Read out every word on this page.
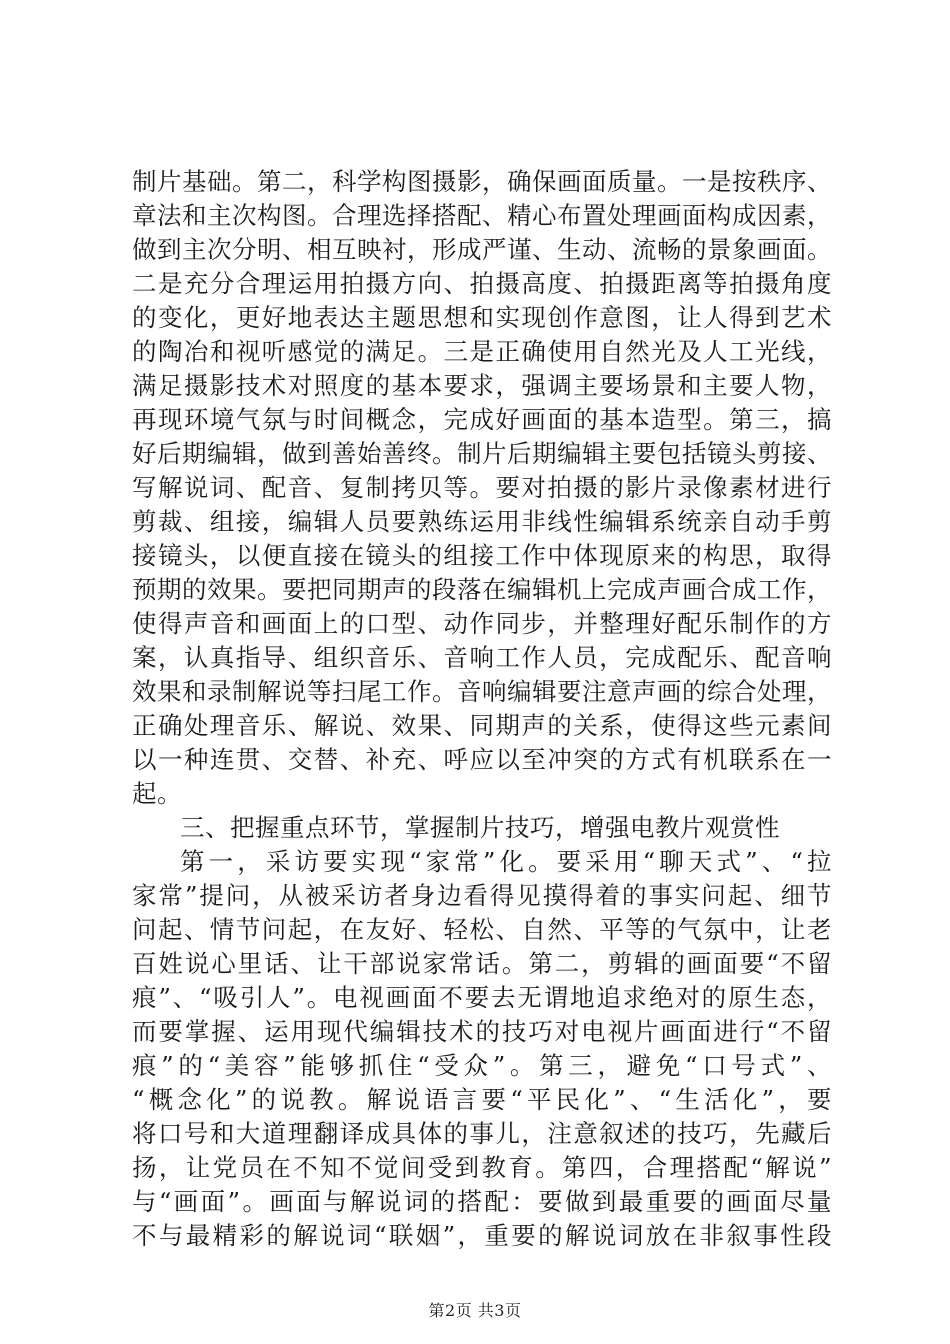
制片基础。第二，科学构图摄影，确保画面质量。一是按秩序、
章法和主次构图。合理选择搭配、精心布置处理画面构成因素，
做到主次分明、相互映衬，形成严谨、生动、流畅的景象画面。
二是充分合理运用拍摄方向、拍摄高度、拍摄距离等拍摄角度
的变化，更好地表达主题思想和实现创作意图，让人得到艺术
的陶冶和视听感觉的满足。三是正确使用自然光及人工光线，
满足摄影技术对照度的基本要求，强调主要场景和主要人物，
再现环境气氛与时间概念，完成好画面的基本造型。第三，搞
好后期编辑，做到善始善终。制片后期编辑主要包括镜头剪接、
写解说词、配音、复制拷贝等。要对拍摄的影片录像素材进行
剪裁、组接，编辑人员要熟练运用非线性编辑系统亲自动手剪
接镜头，以便直接在镜头的组接工作中体现原来的构思，取得
预期的效果。要把同期声的段落在编辑机上完成声画合成工作，
使得声音和画面上的口型、动作同步，并整理好配乐制作的方
案，认真指导、组织音乐、音响工作人员，完成配乐、配音响
效果和录制解说等扫尾工作。音响编辑要注意声画的综合处理，
正确处理音乐、解说、效果、同期声的关系，使得这些元素间
以一种连贯、交替、补充、呼应以至冲突的方式有机联系在一
起。
三、把握重点环节，掌握制片技巧，增强电教片观赏性
第一，采访要实现“家常”化。要采用“聊天式”、“拉
家常”提问，从被采访者身边看得见摸得着的事实问起、细节
问起、情节问起，在友好、轻松、自然、平等的气氛中，让老
百姓说心里话、让干部说家常话。第二，剪辑的画面要“不留
痕”、“吸引人”。电视画面不要去无谓地追求绝对的原生态，
而要掌握、运用现代编辑技术的技巧对电视片画面进行“不留
痕”的“美容”能够抓住“受众”。第三，避免“口号式”、
“概念化”的说教。解说语言要“平民化”、“生活化”，要
将口号和大道理翻译成具体的事儿，注意叙述的技巧，先藏后
扬，让党员在不知不觉间受到教育。第四，合理搭配“解说”
与“画面”。画面与解说词的搭配：要做到最重要的画面尽量
不与最精彩的解说词“联姻”，重要的解说词放在非叙事性段
第2页 共3页
